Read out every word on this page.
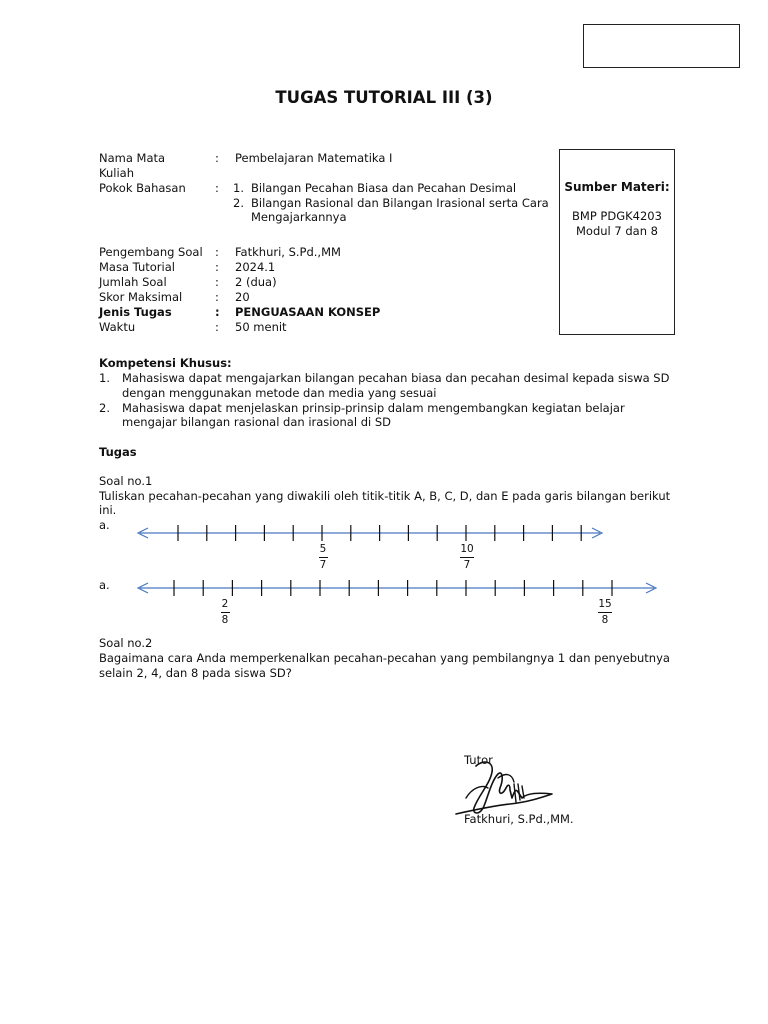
TUGAS TUTORIAL III (3)
Nama Mata
Kuliah
: Pembelajaran Matematika I
Pokok Bahasan	: 1. Bilangan Pecahan Biasa dan Pecahan Desimal
2. Bilangan Rasional dan Bilangan Irasional serta Cara
Mengajarkannya
Pengembang Soal : Fatkhuri, S.Pd.,MM
Masa Tutorial	: 2024.1
Jumlah Soal	: 2 (dua)
Skor Maksimal	: 20
Jenis Tugas	: PENGUASAAN KONSEP
Waktu	: 50 menit
Sumber Materi:
BMP PDGK4203
Modul 7 dan 8
Kompetensi Khusus:
1. Mahasiswa dapat mengajarkan bilangan pecahan biasa dan pecahan desimal kepada siswa SD
dengan menggunakan metode dan media yang sesuai
2. Mahasiswa dapat menjelaskan prinsip-prinsip dalam mengembangkan kegiatan belajar
mengajar bilangan rasional dan irasional di SD
Tugas
Soal no.1
Tuliskan pecahan-pecahan yang diwakili oleh titik-titik A, B, C, D, dan E pada garis bilangan berikut
ini.
a.
5
7
10
7
a.
2
8
15
8
Soal no.2
Bagaimana cara Anda memperkenalkan pecahan-pecahan yang pembilangnya 1 dan penyebutnya
selain 2, 4, dan 8 pada siswa SD?
Tutor
Fatkhuri, S.Pd.,MM.
